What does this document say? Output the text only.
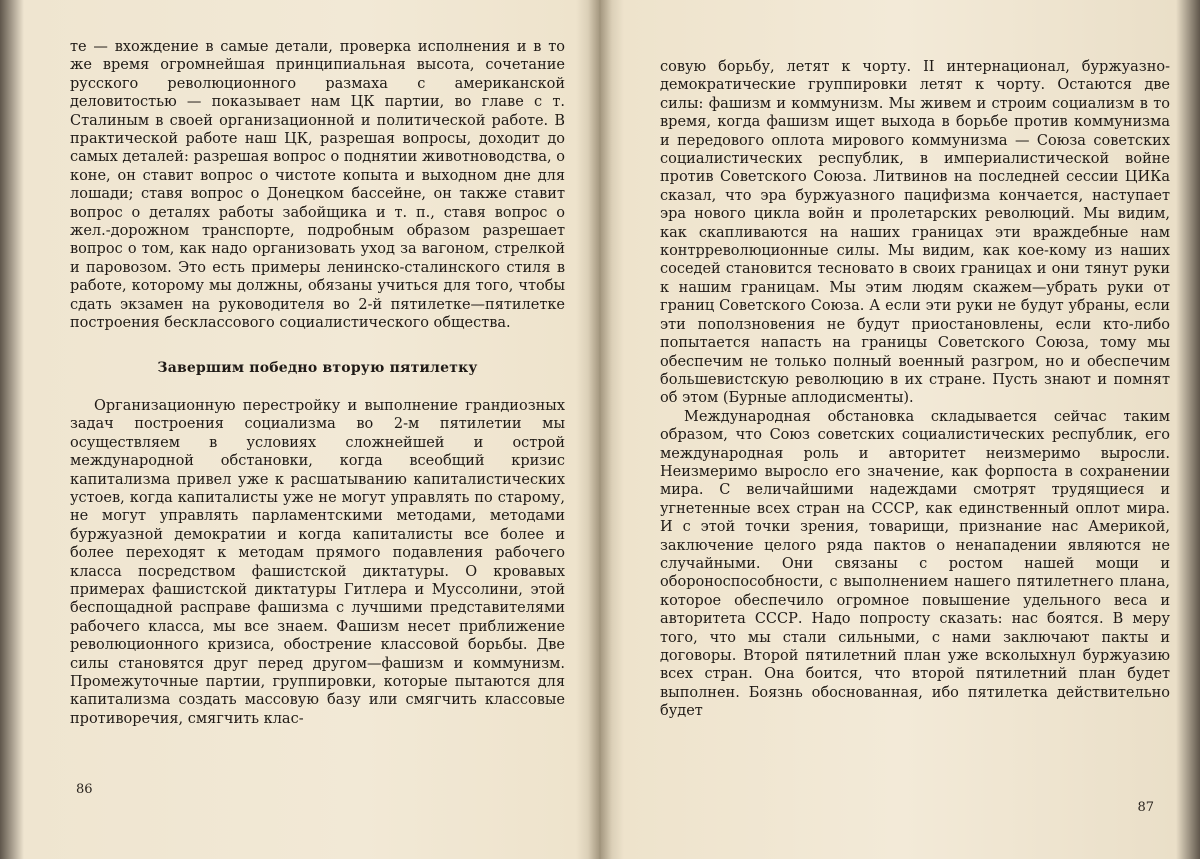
те — вхождение в самые детали, проверка исполнения и в то же время огромнейшая принципиальная высота, сочетание русского революционного размаха с американской деловитостью — показывает нам ЦК партии, во главе с т. Сталиным в своей организационной и политической работе. В практической работе наш ЦК, разрешая вопросы, доходит до самых деталей: разрешая вопрос о поднятии животноводства, о коне, он ставит вопрос о чистоте копыта и выходном дне для лошади; ставя вопрос о Донецком бассейне, он также ставит вопрос о деталях работы забойщика и т. п., ставя вопрос о жел.-дорожном транспорте, подробным образом разрешает вопрос о том, как надо организовать уход за вагоном, стрелкой и паровозом. Это есть примеры ленинско-сталинского стиля в работе, которому мы должны, обязаны учиться для того, чтобы сдать экзамен на руководителя во 2-й пятилетке—пятилетке построения бесклассового социалистического общества.

Завершим победно вторую пятилетку

Организационную перестройку и выполнение грандиозных задач построения социализма во 2-м пятилетии мы осуществляем в условиях сложнейшей и острой международной обстановки, когда всеобщий кризис капитализма привел уже к расшатыванию капиталистических устоев, когда капиталисты уже не могут управлять по старому, не могут управлять парламентскими методами, методами буржуазной демократии и когда капиталисты все более и более переходят к методам прямого подавления рабочего класса посредством фашистской диктатуры. О кровавых примерах фашистской диктатуры Гитлера и Муссолини, этой беспощадной расправе фашизма с лучшими представителями рабочего класса, мы все знаем. Фашизм несет приближение революционного кризиса, обострение классовой борьбы. Две силы становятся друг перед другом—фашизм и коммунизм. Промежуточные партии, группировки, которые пытаются для капитализма создать массовую базу или смягчить классовые противоречия, смягчить клас-

86

совую борьбу, летят к чорту. II интернационал, буржуазно-демократические группировки летят к чорту. Остаются две силы: фашизм и коммунизм. Мы живем и строим социализм в то время, когда фашизм ищет выхода в борьбе против коммунизма и передового оплота мирового коммунизма — Союза советских социалистических республик, в империалистической войне против Советского Союза. Литвинов на последней сессии ЦИКа сказал, что эра буржуазного пацифизма кончается, наступает эра нового цикла войн и пролетарских революций. Мы видим, как скапливаются на наших границах эти враждебные нам контрреволюционные силы. Мы видим, как кое-кому из наших соседей становится тесновато в своих границах и они тянут руки к нашим границам. Мы этим людям скажем—убрать руки от границ Советского Союза. А если эти руки не будут убраны, если эти поползновения не будут приостановлены, если кто-либо попытается напасть на границы Советского Союза, тому мы обеспечим не только полный военный разгром, но и обеспечим большевистскую революцию в их стране. Пусть знают и помнят об этом (Бурные аплодисменты).

Международная обстановка складывается сейчас таким образом, что Союз советских социалистических республик, его международная роль и авторитет неизмеримо выросли. Неизмеримо выросло его значение, как форпоста в сохранении мира. С величайшими надеждами смотрят трудящиеся и угнетенные всех стран на СССР, как единственный оплот мира. И с этой точки зрения, товарищи, признание нас Америкой, заключение целого ряда пактов о ненападении являются не случайными. Они связаны с ростом нашей мощи и обороноспособности, с выполнением нашего пятилетнего плана, которое обеспечило огромное повышение удельного веса и авторитета СССР. Надо попросту сказать: нас боятся. В меру того, что мы стали сильными, с нами заключают пакты и договоры. Второй пятилетний план уже всколыхнул буржуазию всех стран. Она боится, что второй пятилетний план будет выполнен. Боязнь обоснованная, ибо пятилетка действительно будет

87
